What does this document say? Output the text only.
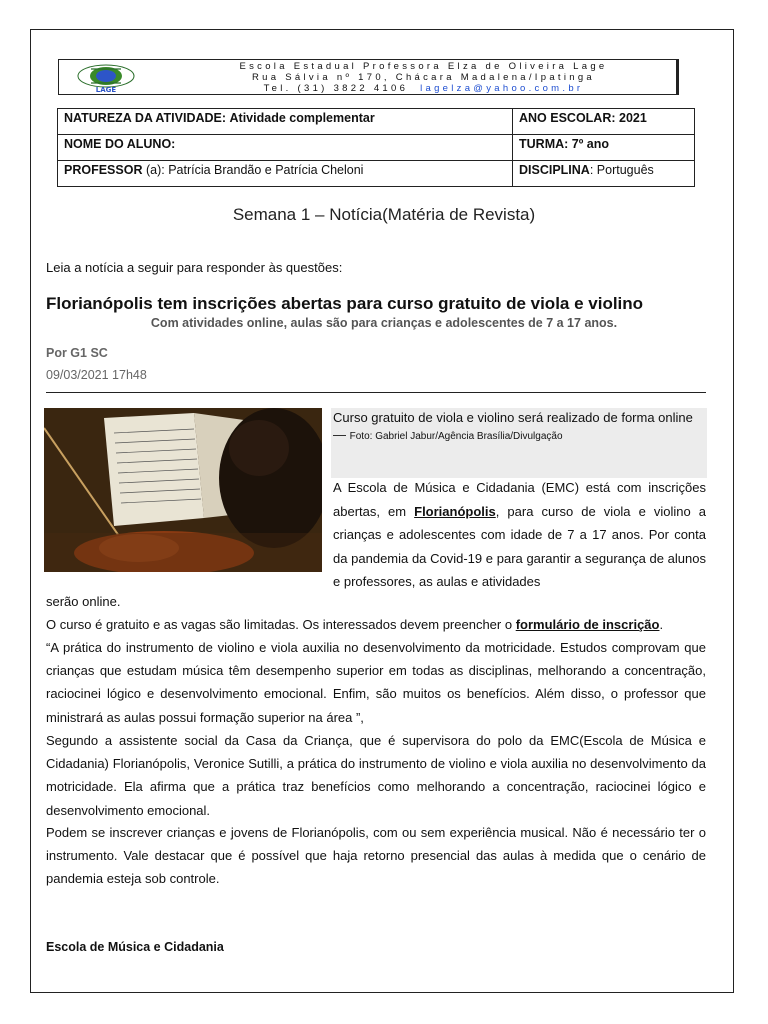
LAGE
Escola Estadual Professora Elza de Oliveira Lage
Rua Sálvia nº 170, Chácara Madalena/Ipatinga
Tel. (31) 3822 4106 lagelza@yahoo.com.br
NATUREZA DA ATIVIDADE: Atividade complementar	ANO ESCOLAR: 2021
NOME DO ALUNO:	TURMA: 7º ano
PROFESSOR (a): Patrícia Brandão e Patrícia Cheloni	DISCIPLINA: Português
Semana 1 – Notícia(Matéria de Revista)
Leia a notícia a seguir para responder às questões:
Florianópolis tem inscrições abertas para curso gratuito de viola e violino
Com atividades online, aulas são para crianças e adolescentes de 7 a 17 anos.
Por G1 SC
09/03/2021 17h48
Curso gratuito de viola e violino será realizado de forma online — Foto: Gabriel Jabur/Agência Brasília/Divulgação
A Escola de Música e Cidadania (EMC) está com inscrições abertas, em Florianópolis, para curso de viola e violino a crianças e adolescentes com idade de 7 a 17 anos. Por conta da pandemia da Covid-19 e para garantir a segurança de alunos e professores, as aulas e atividades
serão online.
O curso é gratuito e as vagas são limitadas. Os interessados devem preencher o formulário de inscrição.
“A prática do instrumento de violino e viola auxilia no desenvolvimento da motricidade. Estudos comprovam que crianças que estudam música têm desempenho superior em todas as disciplinas, melhorando a concentração, raciocinei lógico e desenvolvimento emocional. Enfim, são muitos os benefícios. Além disso, o professor que ministrará as aulas possui formação superior na área ”,
Segundo a assistente social da Casa da Criança, que é supervisora do polo da EMC(Escola de Música e Cidadania) Florianópolis, Veronice Sutilli, a prática do instrumento de violino e viola auxilia no desenvolvimento da motricidade. Ela afirma que a prática traz benefícios como melhorando a concentração, raciocinei lógico e desenvolvimento emocional.
Podem se inscrever crianças e jovens de Florianópolis, com ou sem experiência musical. Não é necessário ter o instrumento. Vale destacar que é possível que haja retorno presencial das aulas à medida que o cenário de pandemia esteja sob controle.
Escola de Música e Cidadania
